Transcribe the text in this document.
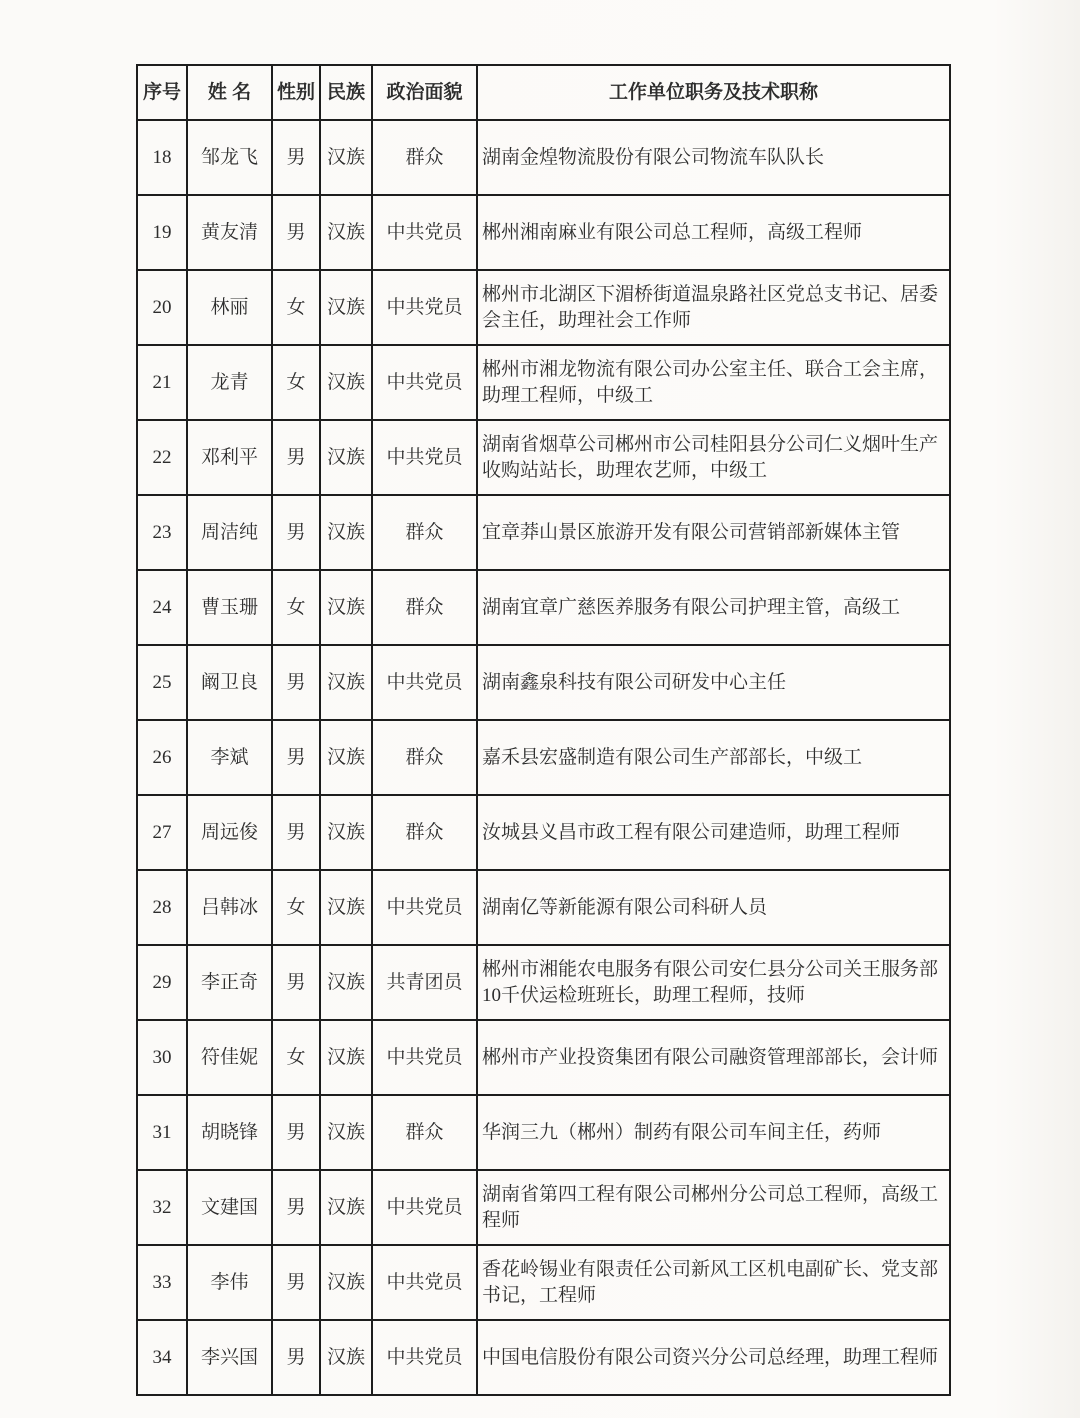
序号	姓 名	性别	民族	政治面貌	工作单位职务及技术职称
18	邹龙飞	男	汉族	群众	湖南金煌物流股份有限公司物流车队队长
19	黄友清	男	汉族	中共党员	郴州湘南麻业有限公司总工程师，高级工程师
20	林丽	女	汉族	中共党员	郴州市北湖区下湄桥街道温泉路社区党总支书记、居委会主任，助理社会工作师
21	龙青	女	汉族	中共党员	郴州市湘龙物流有限公司办公室主任、联合工会主席，助理工程师，中级工
22	邓利平	男	汉族	中共党员	湖南省烟草公司郴州市公司桂阳县分公司仁义烟叶生产收购站站长，助理农艺师，中级工
23	周洁纯	男	汉族	群众	宜章莽山景区旅游开发有限公司营销部新媒体主管
24	曹玉珊	女	汉族	群众	湖南宜章广慈医养服务有限公司护理主管，高级工
25	阚卫良	男	汉族	中共党员	湖南鑫泉科技有限公司研发中心主任
26	李斌	男	汉族	群众	嘉禾县宏盛制造有限公司生产部部长，中级工
27	周远俊	男	汉族	群众	汝城县义昌市政工程有限公司建造师，助理工程师
28	吕韩冰	女	汉族	中共党员	湖南亿等新能源有限公司科研人员
29	李正奇	男	汉族	共青团员	郴州市湘能农电服务有限公司安仁县分公司关王服务部10千伏运检班班长，助理工程师，技师
30	符佳妮	女	汉族	中共党员	郴州市产业投资集团有限公司融资管理部部长，会计师
31	胡晓锋	男	汉族	群众	华润三九（郴州）制药有限公司车间主任，药师
32	文建国	男	汉族	中共党员	湖南省第四工程有限公司郴州分公司总工程师，高级工程师
33	李伟	男	汉族	中共党员	香花岭锡业有限责任公司新风工区机电副矿长、党支部书记，工程师
34	李兴国	男	汉族	中共党员	中国电信股份有限公司资兴分公司总经理，助理工程师
